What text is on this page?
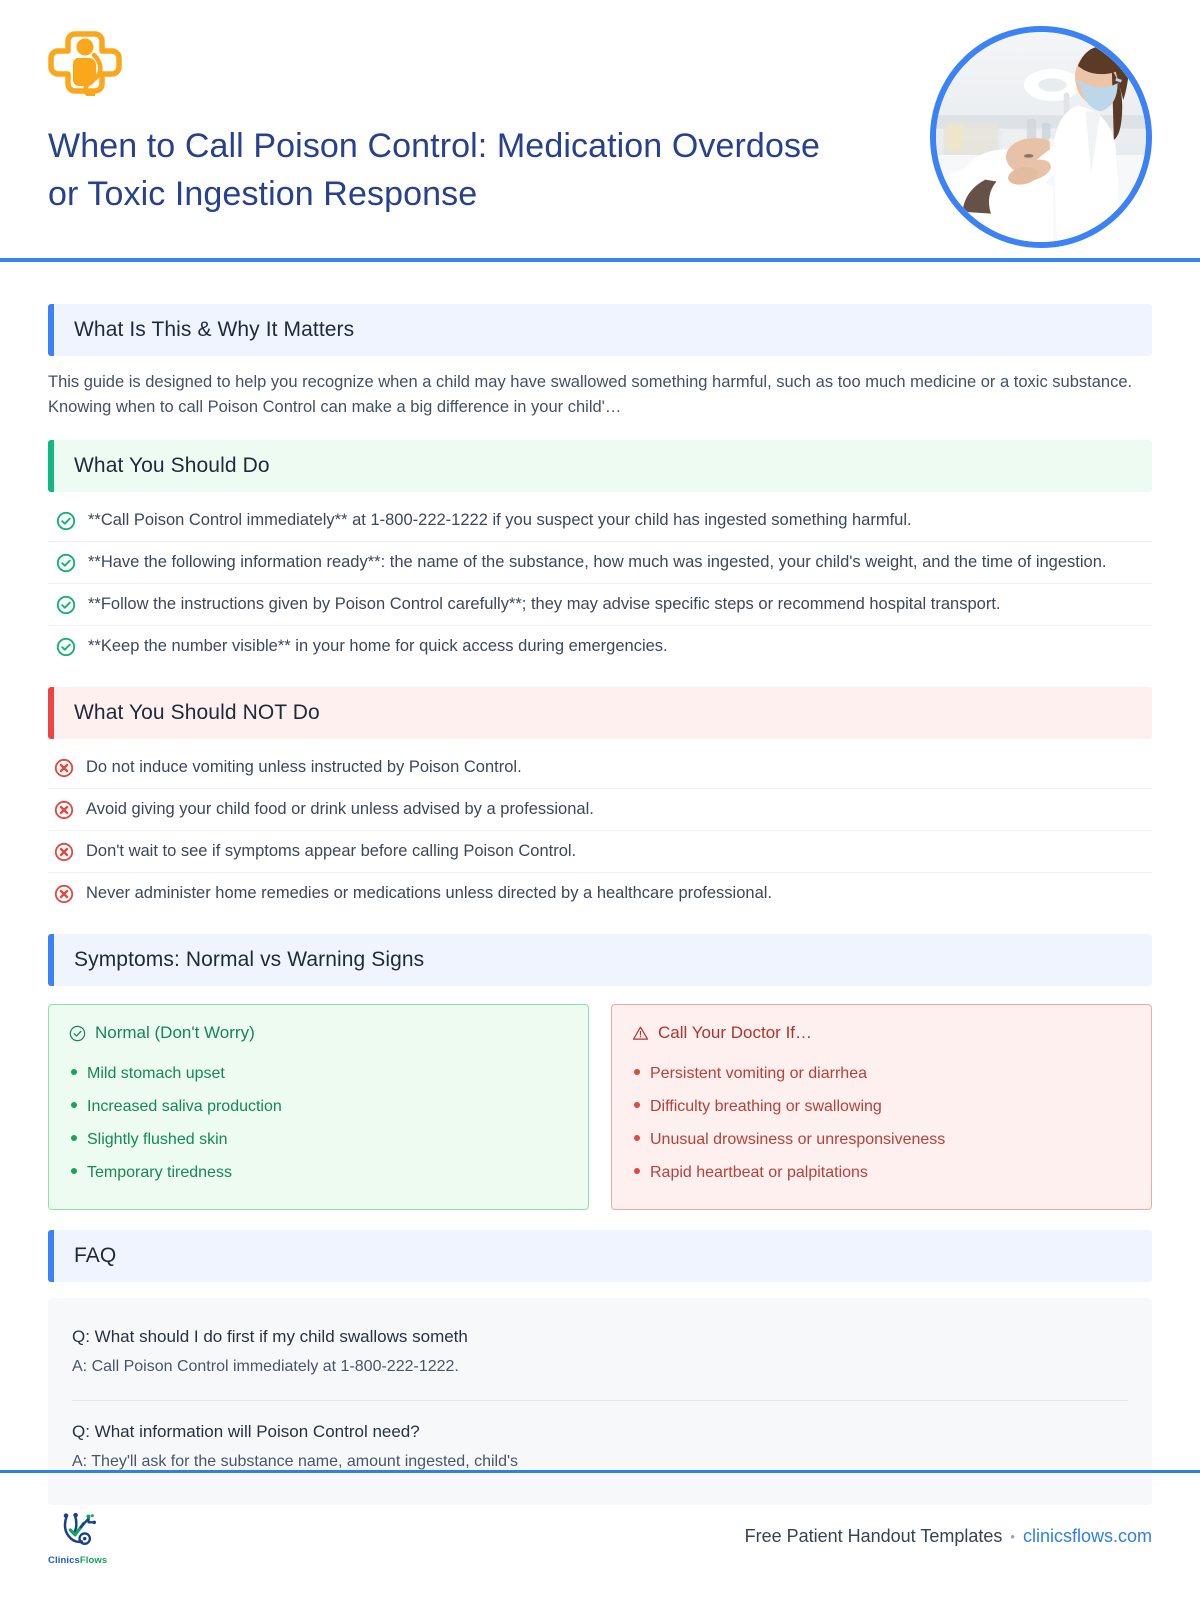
When to Call Poison Control: Medication Overdose or Toxic Ingestion Response
What Is This & Why It Matters

This guide is designed to help you recognize when a child may have swallowed something harmful, such as too much medicine or a toxic substance. Knowing when to call Poison Control can make a big difference in your child'…

What You Should Do
**Call Poison Control immediately** at 1-800-222-1222 if you suspect your child has ingested something harmful.
**Have the following information ready**: the name of the substance, how much was ingested, your child's weight, and the time of ingestion.
**Follow the instructions given by Poison Control carefully**; they may advise specific steps or recommend hospital transport.
**Keep the number visible** in your home for quick access during emergencies.
What You Should NOT Do
Do not induce vomiting unless instructed by Poison Control.
Avoid giving your child food or drink unless advised by a professional.
Don't wait to see if symptoms appear before calling Poison Control.
Never administer home remedies or medications unless directed by a healthcare professional.
Symptoms: Normal vs Warning Signs
Normal (Don't Worry)
Mild stomach upset
Increased saliva production
Slightly flushed skin
Temporary tiredness
Call Your Doctor If…
Persistent vomiting or diarrhea
Difficulty breathing or swallowing
Unusual drowsiness or unresponsiveness
Rapid heartbeat or palpitations
FAQ
Q: What should I do first if my child swallows someth
A: Call Poison Control immediately at 1-800-222-1222.
Q: What information will Poison Control need?
A: They'll ask for the substance name, amount ingested, child's
ClinicsFlows
Free Patient Handout Templates • clinicsflows.com
